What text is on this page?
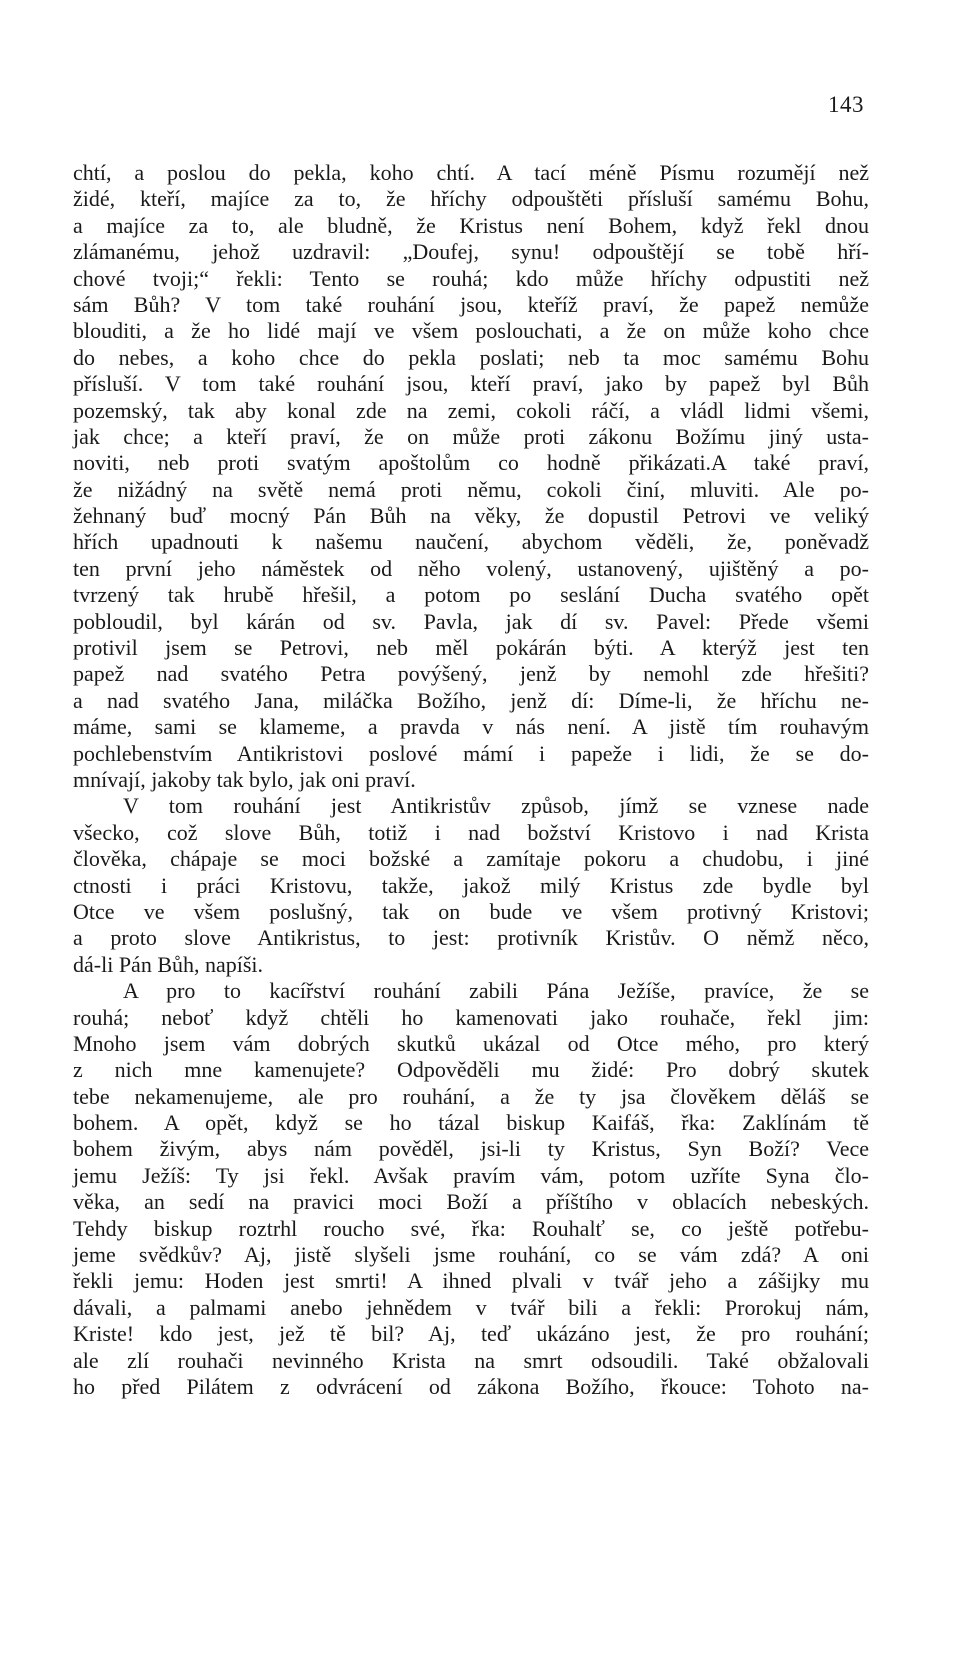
143
chtí, a poslou do pekla, koho chtí. A tací méně Písmu rozumějí než
židé, kteří, majíce za to, že hříchy odpouštěti přísluší samému Bohu,
a majíce za to, ale bludně, že Kristus není Bohem, když řekl dnou
zlámanému, jehož uzdravil: „Doufej, synu! odpouštějí se tobě hří-
chové tvoji;“ řekli: Tento se rouhá; kdo může hříchy odpustiti než
sám Bůh? V tom také rouhání jsou, kteříž praví, že papež nemůže
blouditi, a že ho lidé mají ve všem poslouchati, a že on může koho chce
do nebes, a koho chce do pekla poslati; neb ta moc samému Bohu
přísluší. V tom také rouhání jsou, kteří praví, jako by papež byl Bůh
pozemský, tak aby konal zde na zemi, cokoli ráčí, a vládl lidmi všemi,
jak chce; a kteří praví, že on může proti zákonu Božímu jiný usta-
noviti, neb proti svatým apoštolům co hodně přikázati.A také praví,
že nižádný na světě nemá proti němu, cokoli činí, mluviti. Ale po-
žehnaný buď mocný Pán Bůh na věky, že dopustil Petrovi ve veliký
hřích upadnouti k našemu naučení, abychom věděli, že, poněvadž
ten první jeho náměstek od něho volený, ustanovený, ujištěný a po-
tvrzený tak hrubě hřešil, a potom po seslání Ducha svatého opět
pobloudil, byl kárán od sv. Pavla, jak dí sv. Pavel: Přede všemi
protivil jsem se Petrovi, neb měl pokárán býti. A kterýž jest ten
papež nad svatého Petra povýšený, jenž by nemohl zde hřešiti?
a nad svatého Jana, miláčka Božího, jenž dí: Díme-li, že hříchu ne-
máme, sami se klameme, a pravda v nás není. A jistě tím rouhavým
pochlebenstvím Antikristovi poslové mámí i papeže i lidi, že se do-
mnívají, jakoby tak bylo, jak oni praví.
V tom rouhání jest Antikristův způsob, jímž se vznese nade
všecko, což slove Bůh, totiž i nad božství Kristovo i nad Krista
člověka, chápaje se moci božské a zamítaje pokoru a chudobu, i jiné
ctnosti i práci Kristovu, takže, jakož milý Kristus zde bydle byl
Otce ve všem poslušný, tak on bude ve všem protivný Kristovi;
a proto slove Antikristus, to jest: protivník Kristův. O němž něco,
dá-li Pán Bůh, napíši.
A pro to kacířství rouhání zabili Pána Ježíše, pravíce, že se
rouhá; neboť když chtěli ho kamenovati jako rouhače, řekl jim:
Mnoho jsem vám dobrých skutků ukázal od Otce mého, pro který
z nich mne kamenujete? Odpověděli mu židé: Pro dobrý skutek
tebe nekamenujeme, ale pro rouhání, a že ty jsa člověkem děláš se
bohem. A opět, když se ho tázal biskup Kaifáš, řka: Zaklínám tě
bohem živým, abys nám pověděl, jsi-li ty Kristus, Syn Boží? Vece
jemu Ježíš: Ty jsi řekl. Avšak pravím vám, potom uzříte Syna člo-
věka, an sedí na pravici moci Boží a příštího v oblacích nebeských.
Tehdy biskup roztrhl roucho své, řka: Rouhalť se, co ještě potřebu-
jeme svědkův? Aj, jistě slyšeli jsme rouhání, co se vám zdá? A oni
řekli jemu: Hoden jest smrti! A ihned plvali v tvář jeho a zášijky mu
dávali, a palmami anebo jehnědem v tvář bili a řekli: Prorokuj nám,
Kriste! kdo jest, jež tě bil? Aj, teď ukázáno jest, že pro rouhání;
ale zlí rouhači nevinného Krista na smrt odsoudili. Také obžalovali
ho před Pilátem z odvrácení od zákona Božího, řkouce: Tohoto na-
